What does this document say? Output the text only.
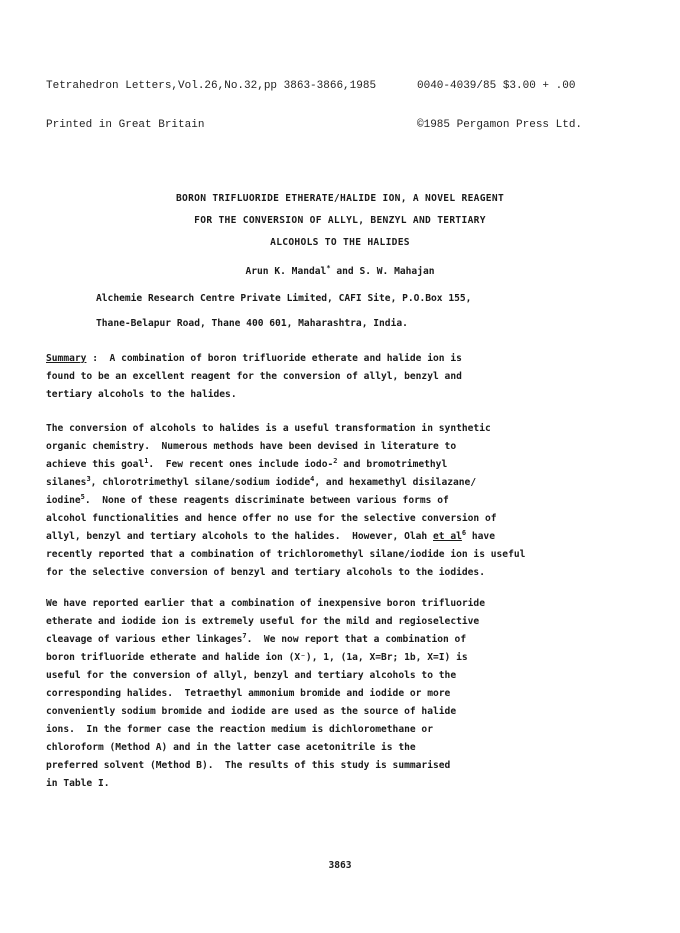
Tetrahedron Letters,Vol.26,No.32,pp 3863-3866,1985

Printed in Great Britain

0040-4039/85 $3.00 + .00

©1985 Pergamon Press Ltd.

BORON TRIFLUORIDE ETHERATE/HALIDE ION, A NOVEL REAGENT
FOR THE CONVERSION OF ALLYL, BENZYL AND TERTIARY
ALCOHOLS TO THE HALIDES
Arun K. Mandal* and S. W. Mahajan
Alchemie Research Centre Private Limited, CAFI Site, P.O.Box 155,
Thane-Belapur Road, Thane 400 601, Maharashtra, India.
Summary :  A combination of boron trifluoride etherate and halide ion is
found to be an excellent reagent for the conversion of allyl, benzyl and
tertiary alcohols to the halides.
The conversion of alcohols to halides is a useful transformation in synthetic
organic chemistry.  Numerous methods have been devised in literature to
achieve this goal$^1$.  Few recent ones include iodo-$^2$ and bromotrimethyl
silanes$^3$, chlorotrimethyl silane/sodium iodide$^4$, and hexamethyl disilazane/
iodine$^5$.  None of these reagents discriminate between various forms of
alcohol functionalities and hence offer no use for the selective conversion of
allyl, benzyl and tertiary alcohols to the halides.  However, Olah et $al^6$ have
recently reported that a combination of trichloromethyl silane/iodide ion is useful
for the selective conversion of benzyl and tertiary alcohols to the iodides.
We have reported earlier that a combination of inexpensive boron trifluoride
etherate and iodide ion is extremely useful for the mild and regioselective
cleavage of various ether linkages$^7$.  We now report that a combination of
boron trifluoride etherate and halide ion (X⁻), 1, (1a, X=Br; 1b, X=I) is
useful for the conversion of allyl, benzyl and tertiary alcohols to the
corresponding halides.  Tetraethyl ammonium bromide and iodide or more
conveniently sodium bromide and iodide are used as the source of halide
ions.  In the former case the reaction medium is dichloromethane or
chloroform (Method A) and in the latter case acetonitrile is the
preferred solvent (Method B).  The results of this study is summarised
in Table I.
3863
